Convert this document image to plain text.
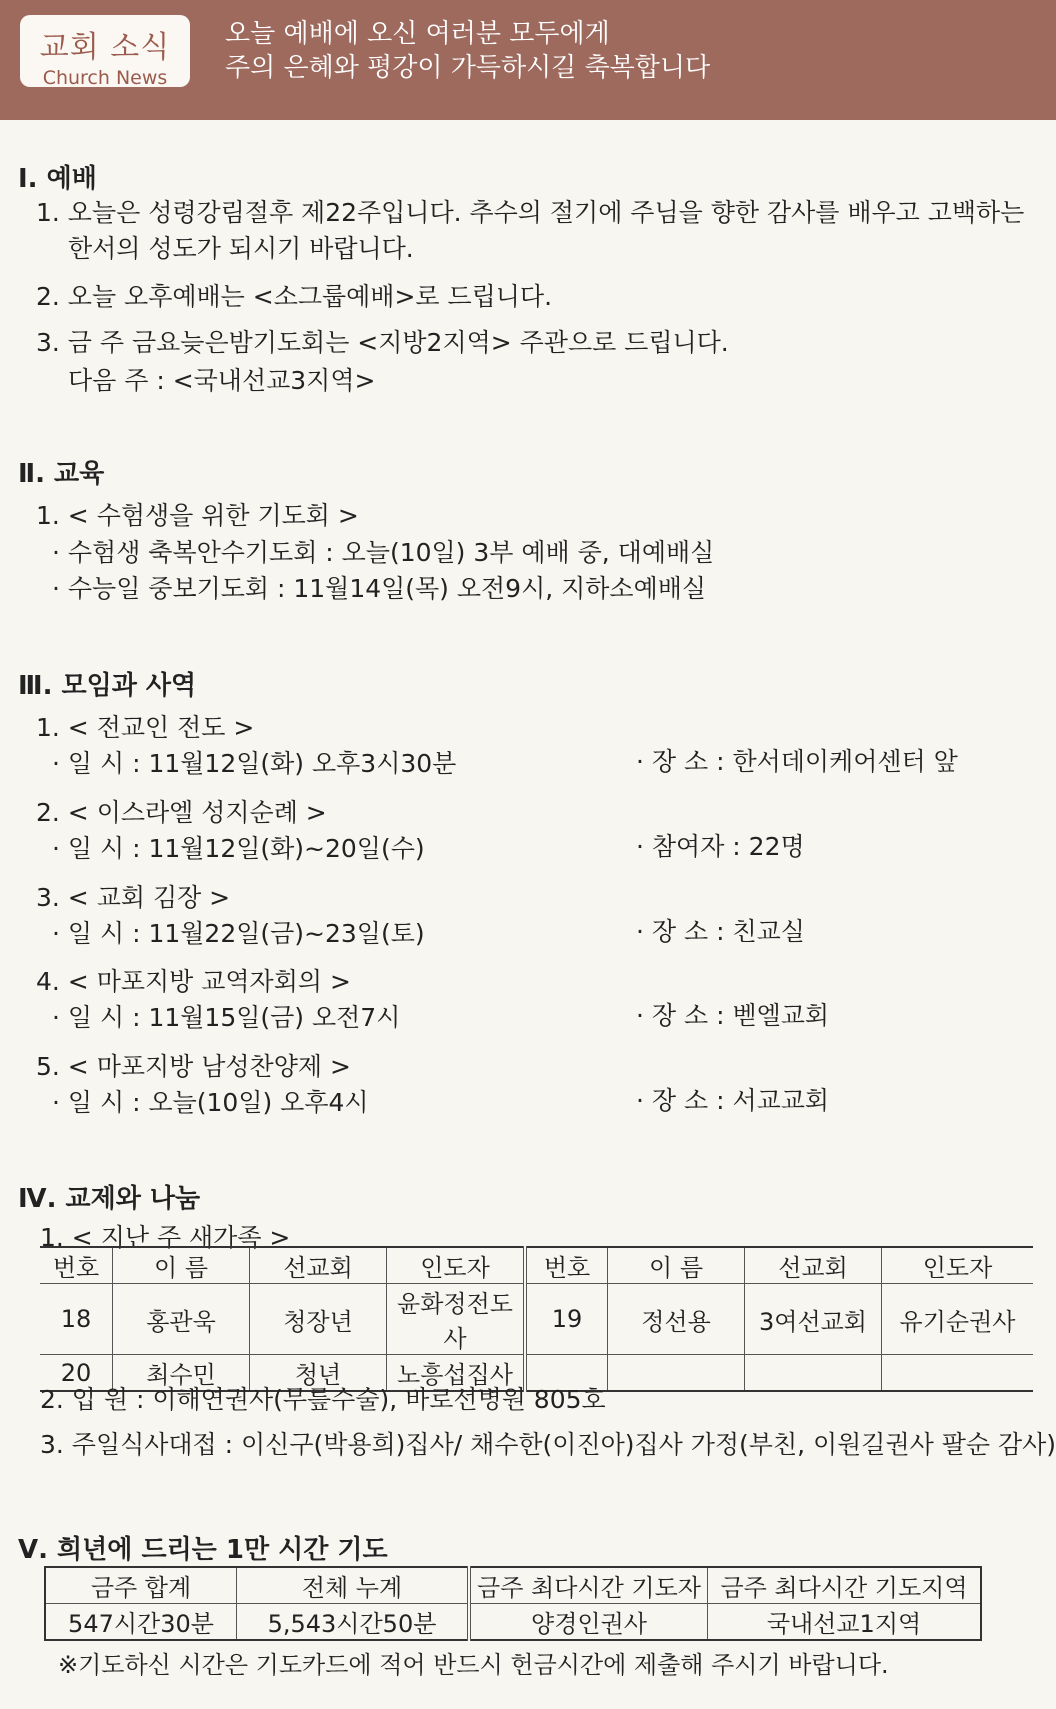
교회 소식
Church News
오늘 예배에 오신 여러분 모두에게
주의 은혜와 평강이 가득하시길 축복합니다
Ⅰ. 예배
1. 오늘은 성령강림절후 제22주입니다. 추수의 절기에 주님을 향한 감사를 배우고 고백하는
한서의 성도가 되시기 바랍니다.
2. 오늘 오후예배는 <소그룹예배>로 드립니다.
3. 금 주 금요늦은밤기도회는 <지방2지역> 주관으로 드립니다.
다음 주 : <국내선교3지역>
Ⅱ. 교육
1. < 수험생을 위한 기도회 >
· 수험생 축복안수기도회 : 오늘(10일) 3부 예배 중, 대예배실
· 수능일 중보기도회 : 11월14일(목) 오전9시, 지하소예배실
Ⅲ. 모임과 사역
1. < 전교인 전도 >
· 일 시 : 11월12일(화) 오후3시30분	· 장 소 : 한서데이케어센터 앞
2. < 이스라엘 성지순례 >
· 일 시 : 11월12일(화)~20일(수)	· 참여자 : 22명
3. < 교회 김장 >
· 일 시 : 11월22일(금)~23일(토)	· 장 소 : 친교실
4. < 마포지방 교역자회의 >
· 일 시 : 11월15일(금) 오전7시	· 장 소 : 벧엘교회
5. < 마포지방 남성찬양제 >
· 일 시 : 오늘(10일) 오후4시	· 장 소 : 서교교회
Ⅳ. 교제와 나눔
1. < 지난 주 새가족 >
번호	이 름	선교회	인도자	번호	이 름	선교회	인도자
18	홍관욱	청장년	윤화정전도사	19	정선용	3여선교회	유기순권사
20	최수민	청년	노흥섭집사				
2. 입 원 : 이해연권사(무릎수술), 바로선병원 805호
3. 주일식사대접 : 이신구(박용희)집사/ 채수한(이진아)집사 가정(부친, 이원길권사 팔순 감사)
Ⅴ. 희년에 드리는 1만 시간 기도
금주 합계	전체 누계	금주 최다시간 기도자	금주 최다시간 기도지역
547시간30분	5,543시간50분	양경인권사	국내선교1지역
※기도하신 시간은 기도카드에 적어 반드시 헌금시간에 제출해 주시기 바랍니다.
